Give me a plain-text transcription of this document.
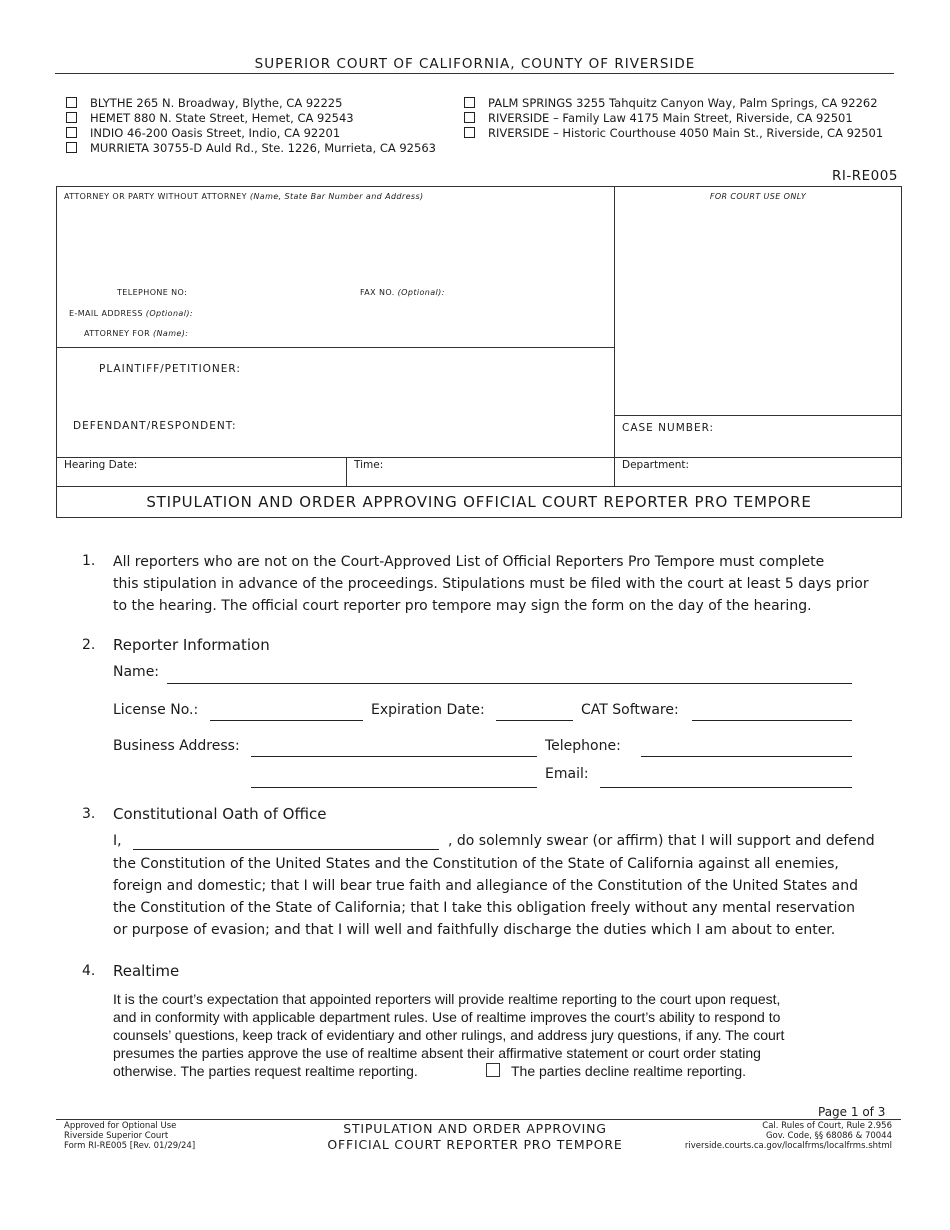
SUPERIOR COURT OF CALIFORNIA, COUNTY OF RIVERSIDE
BLYTHE 265 N. Broadway, Blythe, CA 92225
HEMET 880 N. State Street, Hemet, CA 92543
INDIO 46-200 Oasis Street, Indio, CA 92201
MURRIETA 30755-D Auld Rd., Ste. 1226, Murrieta, CA 92563
PALM SPRINGS 3255 Tahquitz Canyon Way, Palm Springs, CA 92262
RIVERSIDE – Family Law 4175 Main Street, Riverside, CA 92501
RIVERSIDE – Historic Courthouse 4050 Main St., Riverside, CA 92501
RI-RE005
ATTORNEY OR PARTY WITHOUT ATTORNEY (Name, State Bar Number and Address)
TELEPHONE NO:	FAX NO. (Optional):
E-MAIL ADDRESS (Optional):
ATTORNEY FOR (Name):
FOR COURT USE ONLY
PLAINTIFF/PETITIONER:
DEFENDANT/RESPONDENT:	CASE NUMBER:
Hearing Date:	Time:	Department:
STIPULATION AND ORDER APPROVING OFFICIAL COURT REPORTER PRO TEMPORE
1. All reporters who are not on the Court-Approved List of Official Reporters Pro Tempore must complete
this stipulation in advance of the proceedings. Stipulations must be filed with the court at least 5 days prior
to the hearing. The official court reporter pro tempore may sign the form on the day of the hearing.
2. Reporter Information
Name:
License No.:	Expiration Date:	CAT Software:
Business Address:	Telephone:
Email:
3. Constitutional Oath of Office
I,	, do solemnly swear (or affirm) that I will support and defend
the Constitution of the United States and the Constitution of the State of California against all enemies,
foreign and domestic; that I will bear true faith and allegiance of the Constitution of the United States and
the Constitution of the State of California; that I take this obligation freely without any mental reservation
or purpose of evasion; and that I will well and faithfully discharge the duties which I am about to enter.
4. Realtime
It is the court’s expectation that appointed reporters will provide realtime reporting to the court upon request,
and in conformity with applicable department rules. Use of realtime improves the court’s ability to respond to
counsels’ questions, keep track of evidentiary and other rulings, and address jury questions, if any. The court
presumes the parties approve the use of realtime absent their affirmative statement or court order stating
otherwise. The parties request realtime reporting.	The parties decline realtime reporting.
Page 1 of 3
Approved for Optional Use
Riverside Superior Court
Form RI-RE005 [Rev. 01/29/24]
STIPULATION AND ORDER APPROVING
OFFICIAL COURT REPORTER PRO TEMPORE
Cal. Rules of Court, Rule 2.956
Gov. Code, §§ 68086 & 70044
riverside.courts.ca.gov/localfrms/localfrms.shtml
